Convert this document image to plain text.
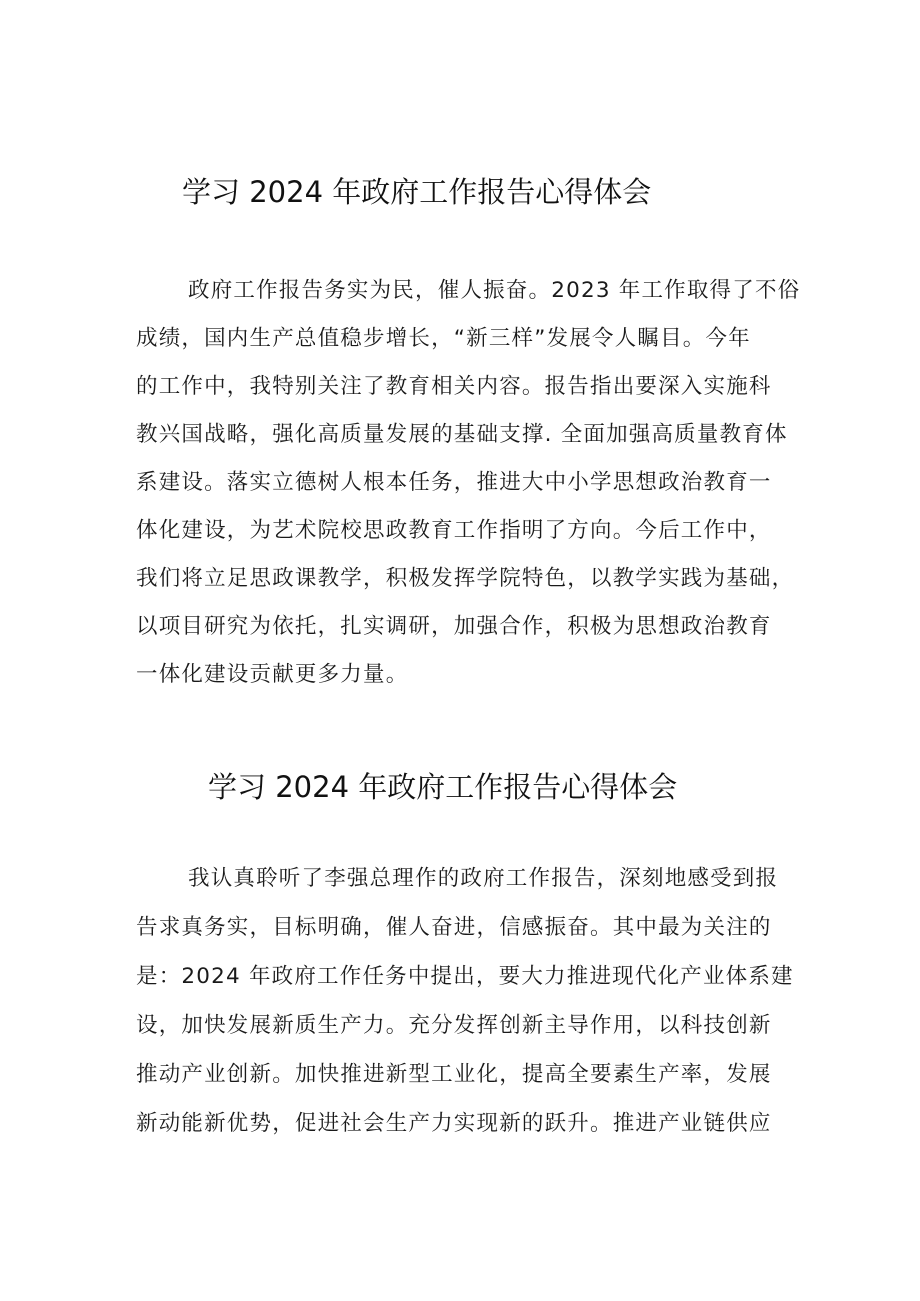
学习 2024 年政府工作报告心得体会

政府工作报告务实为民，催人振奋。2023 年工作取得了不俗

成绩，国内生产总值稳步增长，“新三样”发展令人瞩目。今年

的工作中，我特别关注了教育相关内容。报告指出要深入实施科

教兴国战略，强化高质量发展的基础支撑. 全面加强高质量教育体

系建设。落实立德树人根本任务，推进大中小学思想政治教育一

体化建设，为艺术院校思政教育工作指明了方向。今后工作中，

我们将立足思政课教学，积极发挥学院特色，以教学实践为基础，

以项目研究为依托，扎实调研，加强合作，积极为思想政治教育

一体化建设贡献更多力量。

学习 2024 年政府工作报告心得体会

我认真聆听了李强总理作的政府工作报告，深刻地感受到报

告求真务实，目标明确，催人奋进，信感振奋。其中最为关注的

是：2024 年政府工作任务中提出，要大力推进现代化产业体系建

设，加快发展新质生产力。充分发挥创新主导作用，以科技创新

推动产业创新。加快推进新型工业化，提高全要素生产率，发展

新动能新优势，促进社会生产力实现新的跃升。推进产业链供应
